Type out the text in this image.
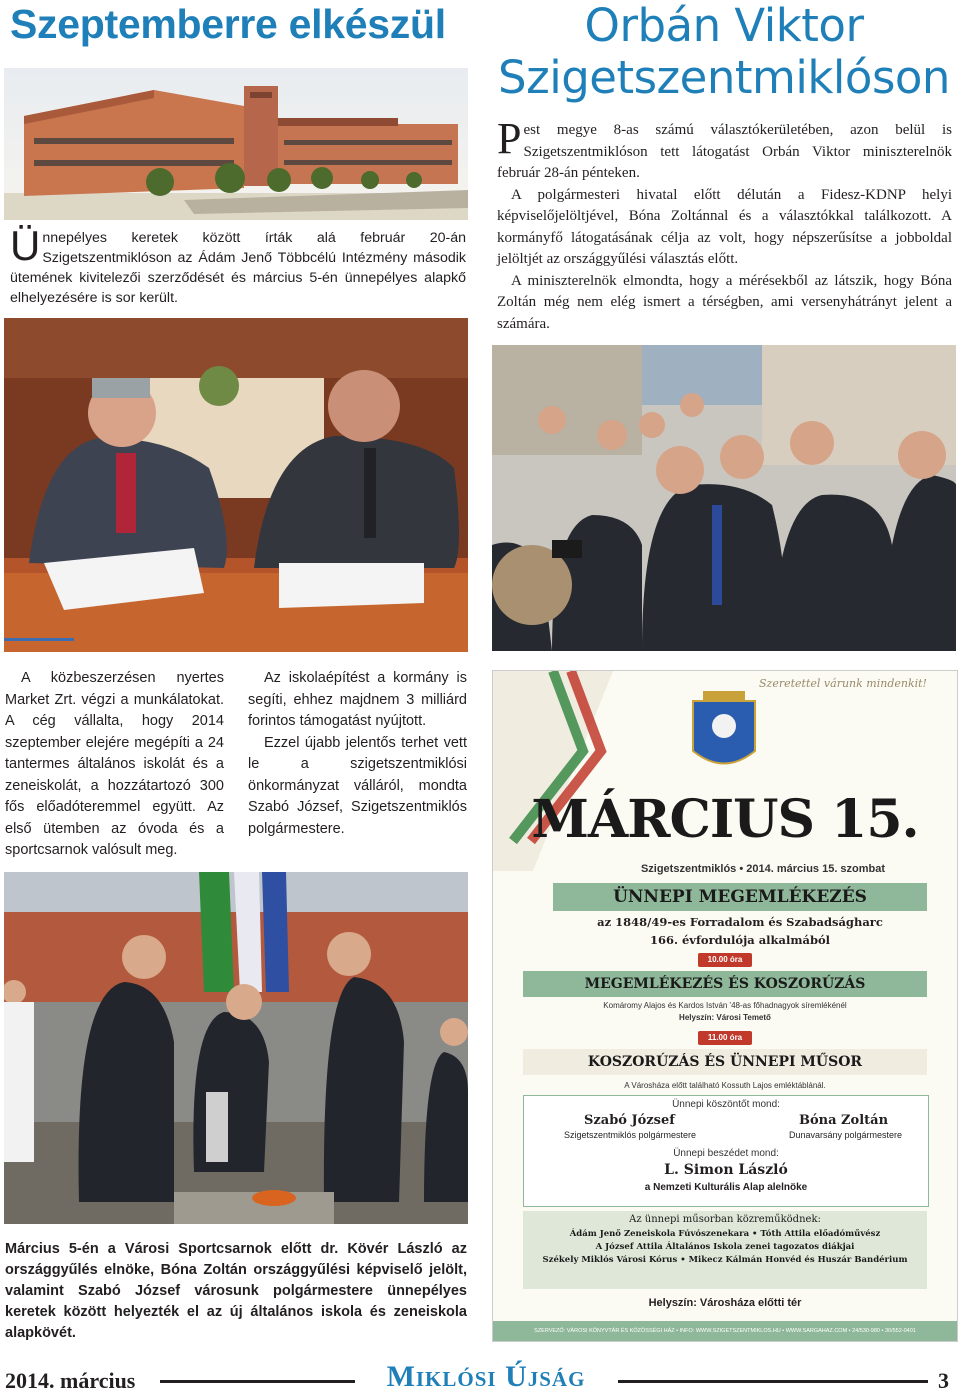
Szeptemberre elkészül
Ünnepélyes keretek között írták alá február 20-án Szigetszentmiklóson az Ádám Jenő Többcélú Intézmény második ütemének kivitelezői szerződését és március 5-én ünnepélyes alapkő elhelyezésére is sor került.
Orbán Viktor
Szigetszentmiklóson

Pest megye 8-as számú választókerületében, azon belül is Szigetszentmiklóson tett látogatást Orbán Viktor miniszterelnök február 28-án pénteken.

A polgármesteri hivatal előtt délután a Fidesz-KDNP helyi képviselőjelöltjével, Bóna Zoltánnal és a választókkal találkozott. A kormányfő látogatásának célja az volt, hogy népszerűsítse a jobboldal jelöltjét az országgyűlési választás előtt.

A miniszterelnök elmondta, hogy a mérésekből az látszik, hogy Bóna Zoltán még nem elég ismert a térségben, ami versenyhátrányt jelent a számára.

A közbeszerzésen nyertes Market Zrt. végzi a munkálatokat. A cég vállalta, hogy 2014 szeptember elejére megépíti a 24 tantermes általános iskolát és a zeneiskolát, a hozzátartozó 300 fős előadóteremmel együtt. Az első ütemben az óvoda és a sportcsarnok valósult meg.

Az iskolaépítést a kormány is segíti, ehhez majdnem 3 milliárd forintos támogatást nyújtott.

Ezzel újabb jelentős terhet vett le a szigetszentmiklósi önkormányzat válláról, mondta Szabó József, Szigetszentmiklós polgármestere.

Március 5-én a Városi Sportcsarnok előtt dr. Kövér László az országgyűlés elnöke, Bóna Zoltán országgyűlési képviselő jelölt, valamint Szabó József városunk polgármestere ünnepélyes keretek között helyezték el az új általános iskola és zeneiskola alapkövét.
Szeretettel várunk mindenkit!
MÁRCIUS 15.
Szigetszentmiklós • 2014. március 15. szombat
ÜNNEPI MEGEMLÉKEZÉS
az 1848/49-es Forradalom és Szabadságharc
166. évfordulója alkalmából
10.00 óra
MEGEMLÉKEZÉS ÉS KOSZORÚZÁS
Komáromy Alajos és Kardos István '48-as főhadnagyok síremlékénél
Helyszín: Városi Temető
11.00 óra
KOSZORÚZÁS ÉS ÜNNEPI MŰSOR
A Városháza előtt található Kossuth Lajos emléktáblánál.
Ünnepi köszöntőt mond:
Szabó József
Szigetszentmiklós polgármestere
Bóna Zoltán
Dunavarsány polgármestere
Ünnepi beszédet mond:
L. Simon László
a Nemzeti Kulturális Alap alelnöke
Az ünnepi műsorban közreműködnek:
Ádám Jenő Zeneiskola Fúvószenekara • Tóth Attila előadóművész
A József Attila Általános Iskola zenei tagozatos diákjai
Székely Miklós Városi Kórus • Mikecz Kálmán Honvéd és Huszár Bandérium
Helyszín: Városháza előtti tér
SZERVEZŐ: VÁROSI KÖNYVTÁR ÉS KÖZÖSSÉGI HÁZ • INFO: WWW.SZIGETSZENTMIKLOS.HU • WWW.SARGAHAZ.COM • 24/530-980 • 30/552-0401
2014. március	Miklósi Újság	3
